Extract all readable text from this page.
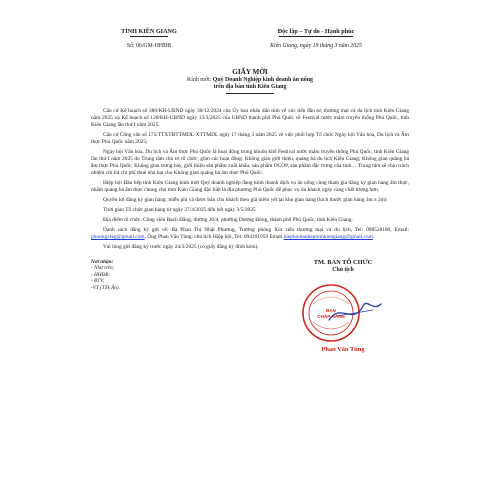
TỈNH KIÊN GIANG
Số: 06/GM-HHĐB
Độc lập – Tự do - Hạnh phúc
Kiên Giang, ngày 19 tháng 3 năm 2025
GIẤY MỜI
Kính mời: Quý Doanh Nghiệp kinh doanh ăn uống
trên địa bàn tỉnh Kiên Giang

Căn cứ Kế hoạch số 380/KH-UBND ngày 30/12/2024 của Ủy ban nhân dân tỉnh về xúc tiến đầu tư, thương mại và du lịch tỉnh Kiên Giang năm 2025 và Kế hoạch số 128/KH-UBND ngày 13/3/2025 của UBND thành phố Phú Quốc về Festival nước mắm truyền thống Phú Quốc, tỉnh Kiên Giang lần thứ I năm 2025.

Căn cứ Công văn số 175/TTXTĐTTMDL-XTTMDL ngày 17 tháng 3 năm 2025 về việc phối hợp Tổ chức Ngày hội Văn hóa, Du lịch và Ẩm thực Phú Quốc năm 2025;

Ngày hội Văn hóa, Du lịch và Ẩm thực Phú Quốc là hoạt động trong khuôn khổ Festival nước mắm truyền thống Phú Quốc, tỉnh Kiên Giang lần thứ I năm 2025 do Trung tâm chủ trì tổ chức, gồm các hoạt động: Không gian giới thiệu, quảng bá du lịch Kiên Giang; Không gian quảng bá ẩm thực Phú Quốc; Không gian trưng bày, giới thiệu sản phẩm xuất khẩu, sản phẩm OCOP, sản phẩm đặc trưng của tỉnh… Trung tâm sẽ chịu trách nhiệm chi trả chi phí thuê nhà bạt cho Không gian quảng bá ẩm thực Phú Quốc.

Hiệp hội Đầu bếp tỉnh Kiên Giang kính mời Quý doanh nghiệp đang kinh doanh dịch vụ ăn uống cùng tham gia đăng ký gian hàng ẩm thực, nhằm quảng bá ẩm thực chung cho tỉnh Kiên Giang đặc biệt là địa phương Phú Quốc để phục vụ du khách ngày càng chất lượng hơn.

Quyền lợi đăng ký gian hàng: miễn phí và được bán cho khách theo giá niêm yết tại khu gian hàng (kích thước gian hàng 3m x 2m)

Thời gian Tổ chức gian hàng từ ngày 27/4/2025 đến hết ngày 3/5/2025

Địa điểm tổ chức: Công viên Bạch Đằng, đường 30/4, phường Dương Đông, thành phố Phú Quốc, tỉnh Kiên Giang.

Danh sách đăng ký gửi về: Bà Phan Thị Nhật Phương, Trưởng phòng Xúc tiến thương mại và du lịch, Tel: 098528180, Email: phuongxtkg@gmail.com. Ông Phan Văn Tùng, chủ tịch Hiệp hội, Tel: 094391959 Email hiephoidaubeptinhkiengiang@gmail.com.

Vui lòng gửi đăng ký trước ngày 24/3/2025 (có giấy đăng ký đính kèm).

Nơi nhận:
- Như trên;
- HHĐB;
- BTV;
-VT (TTk Ân).
TM. BAN TỔ CHỨC
Chủ tịch
BAN
CHẤP HÀNH
Phan Văn Tùng
